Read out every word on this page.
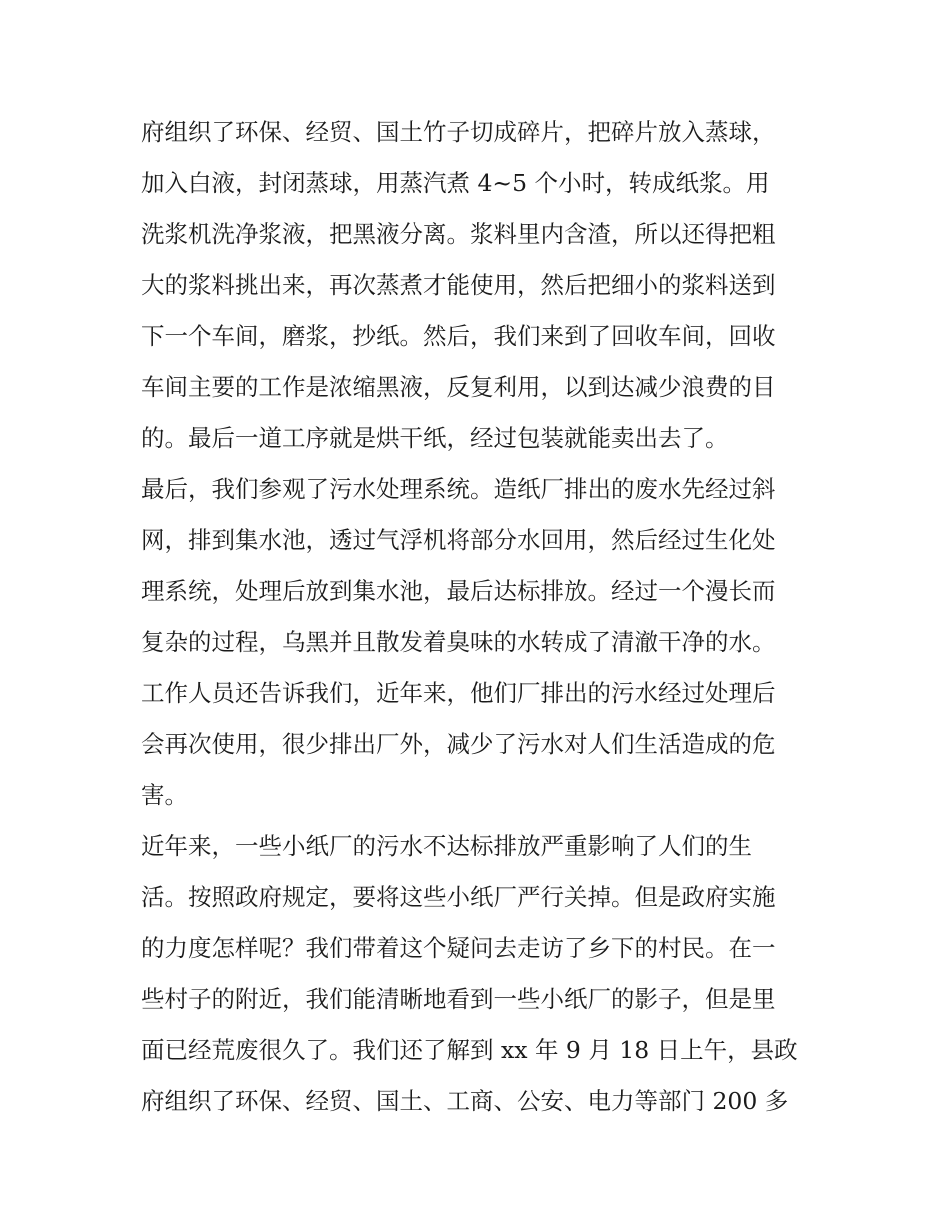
府组织了环保、经贸、国土竹子切成碎片，把碎片放入蒸球，
加入白液，封闭蒸球，用蒸汽煮 4~5 个小时，转成纸浆。用
洗浆机洗净浆液，把黑液分离。浆料里内含渣，所以还得把粗
大的浆料挑出来，再次蒸煮才能使用，然后把细小的浆料送到
下一个车间，磨浆，抄纸。然后，我们来到了回收车间，回收
车间主要的工作是浓缩黑液，反复利用，以到达减少浪费的目
的。最后一道工序就是烘干纸，经过包装就能卖出去了。
最后，我们参观了污水处理系统。造纸厂排出的废水先经过斜
网，排到集水池，透过气浮机将部分水回用，然后经过生化处
理系统，处理后放到集水池，最后达标排放。经过一个漫长而
复杂的过程，乌黑并且散发着臭味的水转成了清澈干净的水。
工作人员还告诉我们，近年来，他们厂排出的污水经过处理后
会再次使用，很少排出厂外，减少了污水对人们生活造成的危
害。
近年来，一些小纸厂的污水不达标排放严重影响了人们的生
活。按照政府规定，要将这些小纸厂严行关掉。但是政府实施
的力度怎样呢？我们带着这个疑问去走访了乡下的村民。在一
些村子的附近，我们能清晰地看到一些小纸厂的影子，但是里
面已经荒废很久了。我们还了解到 xx 年 9 月 18 日上午，县政
府组织了环保、经贸、国土、工商、公安、电力等部门 200 多
